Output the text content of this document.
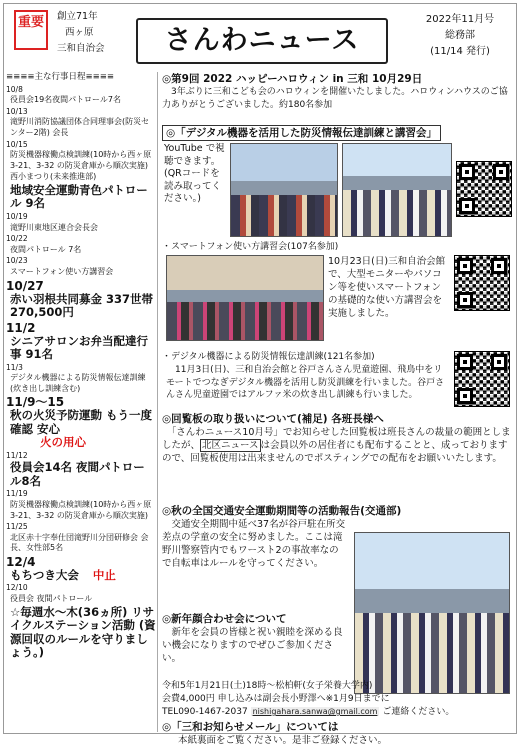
重要	創立71年
西ヶ原
三和自治会	さんわニュース
2022年11月号
総務部
(11/14 発行)
≡≡≡≡主な行事日程≡≡≡≡
10/8
役員会19名夜間パトロール7名
10/13
滝野川消防協議団体合同理事会(防災センター2階) 会長
10/15
防災機器稼働点検訓練(10時から西ヶ原 3-21、3-32 の防災倉庫から順次実施)
西小まつり(未来推進部)
地域安全運動青色パトロール 9名
10/19
滝野川東地区連合会長会
10/22
夜間パトロール 7名
10/23
スマートフォン使い方講習会
10/27
赤い羽根共同募金 337世帯 270,500円
11/2
シニアサロンお弁当配達行事 91名
11/3
デジタル機器による防災情報伝達訓練(炊き出し訓練含む)
11/9～15
秋の火災予防運動 もう一度 確認 安心
火の用心
11/12
役員会14名 夜間パトロール8名
11/19
防災機器稼働点検訓練(10時から西ヶ原 3-21、3-32 の防災倉庫から順次実施)
11/25
北区赤十字奉仕団滝野川分団研修会 会長、女性部5名
12/4
もちつき大会 中止
12/10
役員会 夜間パトロール
☆毎週水～木(36ヵ所) リサイクルステーション活動 (資源回収のルールを守りましょう。)
◎第9回 2022 ハッピーハロウィン in 三和 10月29日
3年ぶりに三和こども会のハロウィンを開催いたしました。ハロウィンハウスのご協力ありがとうございました。約180名参加
◎「デジタル機器を活用した防災情報伝達訓練と講習会」
YouTube で視聴できます。(QRコードを読み取ってください。)
・スマートフォン使い方講習会(107名参加)
10月23日(日)三和自治会館で、大型モニターやパソコン等を使いスマートフォンの基礎的な使い方講習会を実施しました。
・デジタル機器による防災情報伝達訓練(121名参加)
11月3日(日)、三和自治会館と谷戸さんさん児童遊園、飛鳥中をリモートでつなぎデジタル機器を活用し防災訓練を行いました。谷戸さんさん児童遊園ではアルファ米の炊き出し訓練も行いました。
◎回覧板の取り扱いについて(補足) 各班長様へ
「さんわニュース10月号」でお知らせした回覧板は班長さんの裁量の範囲としましたが、 北区ニュース は会員以外の居住者にも配布することと、成っておりますので、回覧板使用は出来ませんのでポスティングでの配布をお願いいたします。
◎秋の全国交通安全運動期間等の活動報告(交通部)
交通安全期間中延べ37名が谷戸駐在所交差点の学童の安全に努めました。ここは滝野川警察管内でもワースト2の事故率なので自転車はルールを守ってください。
◎新年顔合わせ会について
新年を会員の皆様と祝い親睦を深める良い機会になりますのでぜひご参加ください。
令和5年1月21日(土)18時～松柏軒(女子栄養大学内)
会費4,000円 申し込みは副会長小野澤へ※1月9日までに
TEL090-1467-2037 nishigahara.sanwa@gmail.com ご連絡ください。
◎「三和お知らせメール」については
本紙裏面をご覧ください。是非ご登録ください。
